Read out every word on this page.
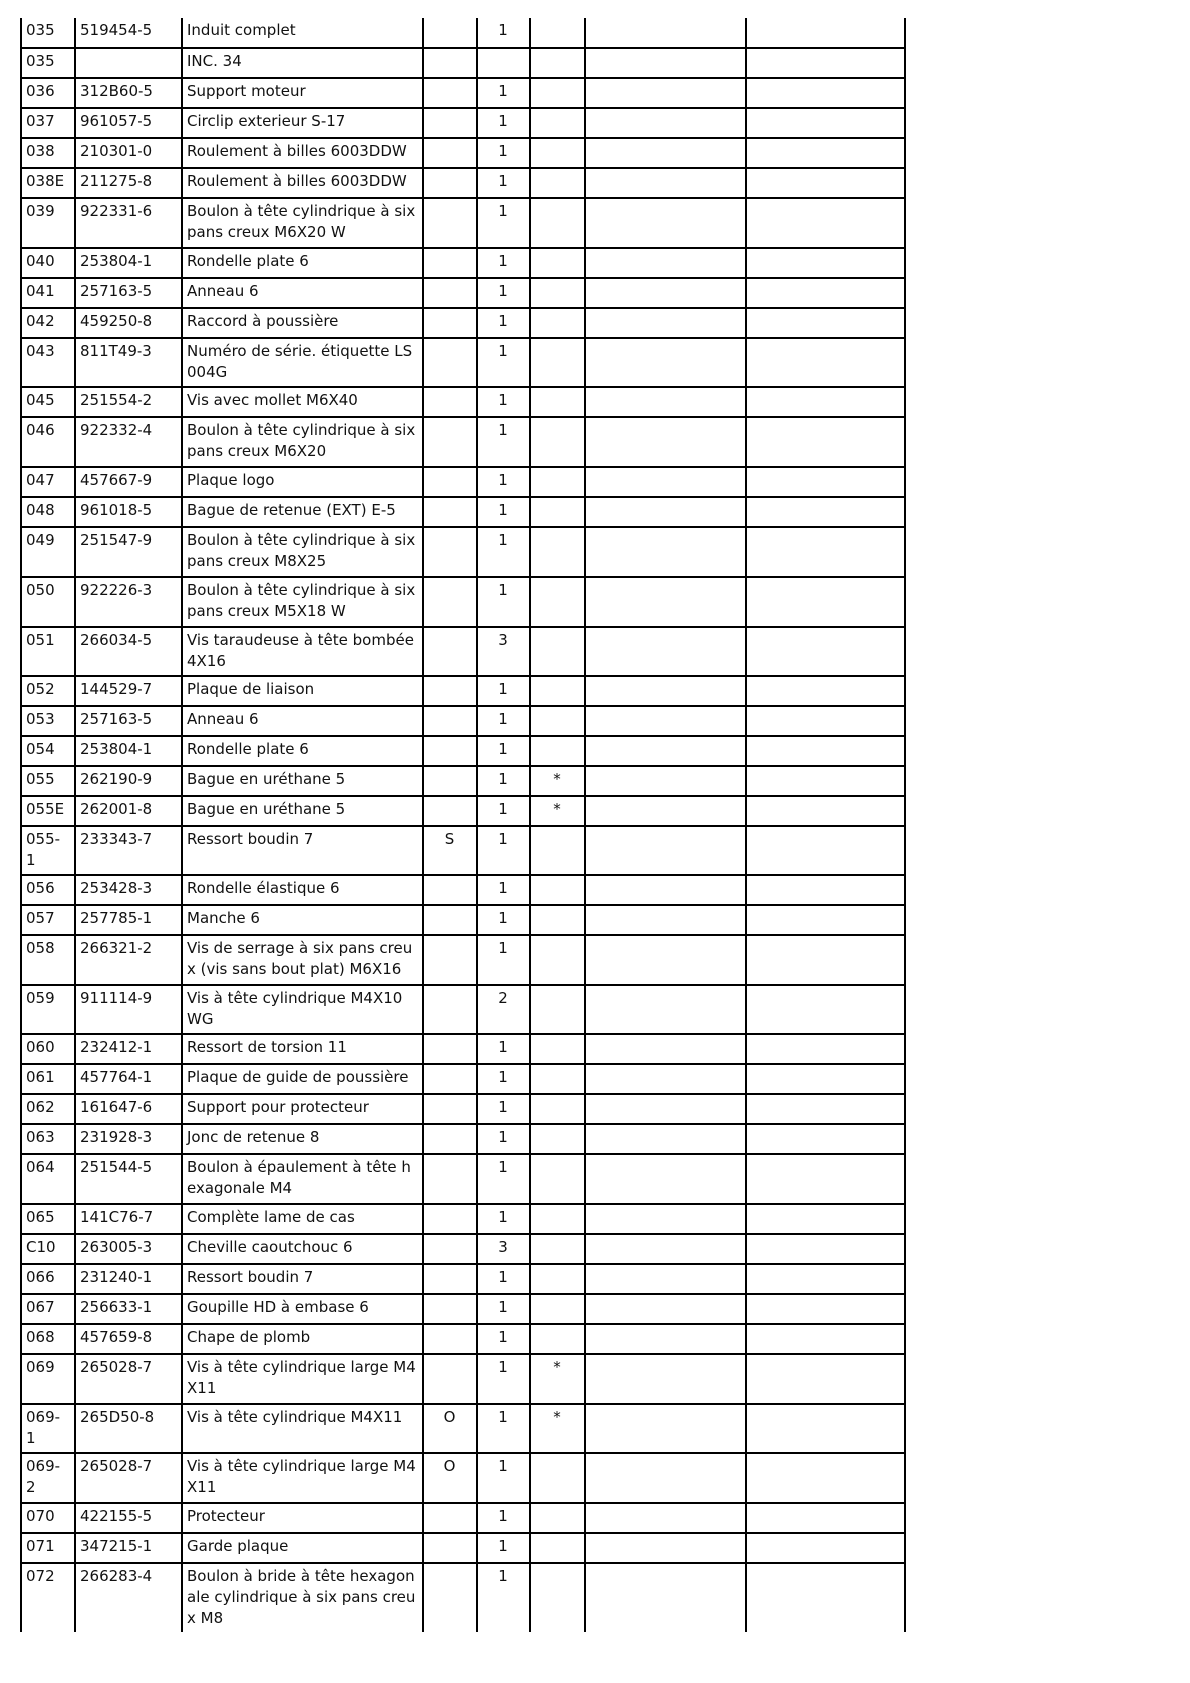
035	519454-5	Induit complet		1			
035		INC. 34					
036	312B60-5	Support moteur		1			
037	961057-5	Circlip exterieur S-17		1			
038	210301-0	Roulement à billes 6003DDW		1			
038E	211275-8	Roulement à billes 6003DDW		1			
039	922331-6	Boulon à tête cylindrique à six pans creux M6X20 W		1			
040	253804-1	Rondelle plate 6		1			
041	257163-5	Anneau 6		1			
042	459250-8	Raccord à poussière		1			
043	811T49-3	Numéro de série. étiquette LS004G		1			
045	251554-2	Vis avec mollet M6X40		1			
046	922332-4	Boulon à tête cylindrique à six pans creux M6X20		1			
047	457667-9	Plaque logo		1			
048	961018-5	Bague de retenue (EXT) E-5		1			
049	251547-9	Boulon à tête cylindrique à six pans creux M8X25		1			
050	922226-3	Boulon à tête cylindrique à six pans creux M5X18 W		1			
051	266034-5	Vis taraudeuse à tête bombée 4X16		3			
052	144529-7	Plaque de liaison		1			
053	257163-5	Anneau 6		1			
054	253804-1	Rondelle plate 6		1			
055	262190-9	Bague en uréthane 5		1	*		
055E	262001-8	Bague en uréthane 5		1	*		
055-1	233343-7	Ressort boudin 7	S	1			
056	253428-3	Rondelle élastique 6		1			
057	257785-1	Manche 6		1			
058	266321-2	Vis de serrage à six pans creux (vis sans bout plat) M6X16		1			
059	911114-9	Vis à tête cylindrique M4X10 WG		2			
060	232412-1	Ressort de torsion 11		1			
061	457764-1	Plaque de guide de poussière		1			
062	161647-6	Support pour protecteur		1			
063	231928-3	Jonc de retenue 8		1			
064	251544-5	Boulon à épaulement à tête hexagonale M4		1			
065	141C76-7	Complète lame de cas		1			
C10	263005-3	Cheville caoutchouc 6		3			
066	231240-1	Ressort boudin 7		1			
067	256633-1	Goupille HD à embase 6		1			
068	457659-8	Chape de plomb		1			
069	265028-7	Vis à tête cylindrique large M4X11		1	*		
069-1	265D50-8	Vis à tête cylindrique M4X11	O	1	*		
069-2	265028-7	Vis à tête cylindrique large M4X11	O	1			
070	422155-5	Protecteur		1			
071	347215-1	Garde plaque		1			
072	266283-4	Boulon à bride à tête hexagonale cylindrique à six pans creux M8		1			
